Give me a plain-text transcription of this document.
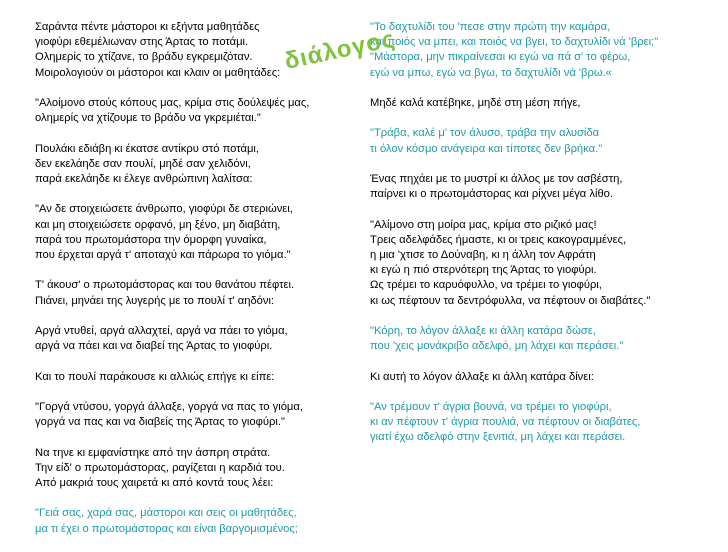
Σαράντα πέντε μάστοροι κι εξήντα μαθητάδες
γιοφύρι εθεμέλιωναν στης Άρτας το ποτάμι.
Ολημερίς το χτίζανε, το βράδυ εγκρεμιζόταν.
Μοιρολογιούν οι μάστοροι και κλαιν οι μαθητάδες:
"Αλοίμονο στούς κόπους μας, κρίμα στις δούλεψές μας,
ολημερίς να χτίζουμε το βράδυ να γκρεμιέται."
Πουλάκι εδιάβη κι έκατσε αντίκρυ στό ποτάμι,
δεν εκελάηδε σαν πουλί, μηδέ σαν χελιδόνι,
παρά εκελάηδε κι έλεγε ανθρώπινη λαλίτσα:
"Αν δε στοιχειώσετε άνθρωπο, γιοφύρι δε στεριώνει,
και μη στοιχειώσετε ορφανό, μη ξένο, μη διαβάτη,
παρά του πρωτομάστορα την όμορφη γυναίκα,
που έρχεται αργά τ' αποταχύ και πάρωρα το γιόμα."
Τ' άκουσ' ο πρωτομάστορας και του θανάτου πέφτει.
Πιάνει, μηνάει της λυγερής με το πουλί τ' αηδόνι:
Αργά ντυθεί, αργά αλλαχτεί, αργά να πάει το γιόμα,
αργά να πάει και να διαβεί της Άρτας το γιοφύρι.
Και το πουλί παράκουσε κι αλλιώς επήγε κι είπε:
"Γοργά ντύσου, γοργά άλλαξε, γοργά να πας το γιόμα,
γοργά να πας και να διαβείς της Άρτας το γιοφύρι."
Να τηνε κι εμφανίστηκε από την άσπρη στράτα.
Την είδ' ο πρωτομάστορας, ραγίζεται η καρδιά του.
Από μακριά τους χαιρετά κι από κοντά τους λέει:
"Γειά σας, χαρά σας, μάστοροι και σεις οι μαθητάδες,
μα τι έχει ο πρωτομάστορας και είναι βαργομισμένος;
"Το δαχτυλίδι του 'πεσε στην πρώτη την καμάρα,
και ποιός να μπει, και ποιός να βγει, το δαχτυλίδι νά 'βρει;"
"Μάστορα, μην πικραίνεσαι κι εγώ να πά σ' το φέρω,
εγώ να μπω, εγώ να βγω, το δαχτυλίδι νά 'βρω.«
Μηδέ καλά κατέβηκε, μηδέ στη μέση πήγε,
"Τράβα, καλέ μ' τον άλυσο, τράβα την αλυσίδα
τι όλον κόσμο ανάγειρα και τίποτες δεν βρήκα."
Ένας πηχάει με το μυστρί κι άλλος με τον ασβέστη,
παίρνει κι ο πρωτομάστορας και ρίχνει μέγα λίθο.
"Αλίμονο στη μοίρα μας, κρίμα στο ριζικό μας!
Τρεις αδελφάδες ήμαστε, κι οι τρεις κακογραμμένες,
η μια 'χτισε το Δούναβη, κι η άλλη τον Αφράτη
κι εγώ η πιό στερνότερη της Άρτας το γιοφύρι.
Ως τρέμει το καρυόφυλλο, να τρέμει το γιοφύρι,
κι ως πέφτουν τα δεντρόφυλλα, να πέφτουν οι διαβάτες."
"Κόρη, το λόγον άλλαξε κι άλλη κατάρα δώσε,
που 'χεις μονάκριβο αδελφό, μη λάχει και περάσει."
Κι αυτή το λόγον άλλαξε κι άλλη κατάρα δίνει:
"Αν τρέμουν τ' άγρια βουνά, να τρέμει το γιοφύρι,
κι αν πέφτουν τ' άγρια πουλιά, να πέφτουν οι διαβάτες,
γιατί έχω αδελφό στην ξενιτιά, μη λάχει και περάσει.
διάλογος
